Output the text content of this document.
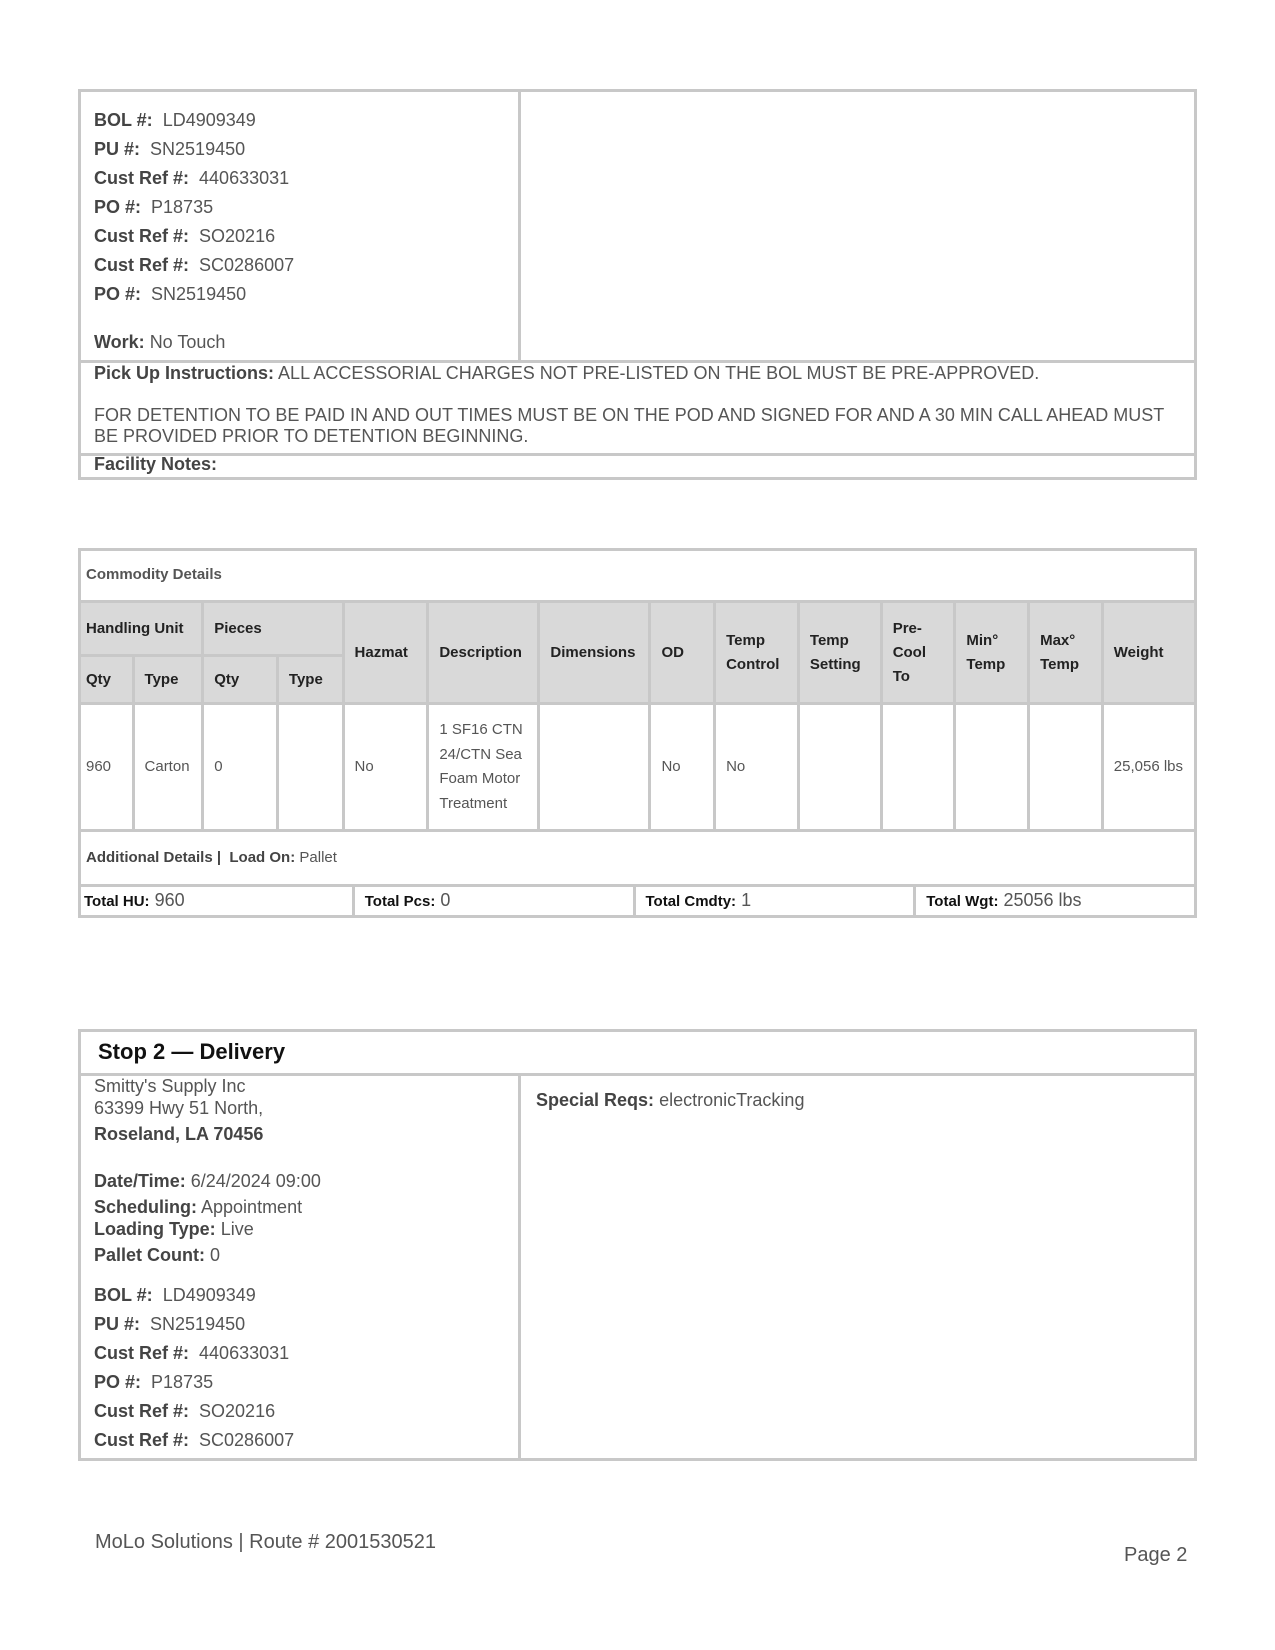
BOL #: LD4909349
PU #: SN2519450
Cust Ref #: 440633031
PO #: P18735
Cust Ref #: SO20216
Cust Ref #: SC0286007
PO #: SN2519450
Work: No Touch
Pick Up Instructions: ALL ACCESSORIAL CHARGES NOT PRE-LISTED ON THE BOL MUST BE PRE-APPROVED.
FOR DETENTION TO BE PAID IN AND OUT TIMES MUST BE ON THE POD AND SIGNED FOR AND A 30 MIN CALL AHEAD MUST BE PROVIDED PRIOR TO DETENTION BEGINNING.
Facility Notes:
Commodity Details													
Handling Unit		Pieces		Hazmat	Description	Dimensions	OD	Temp Control	Temp Setting	Pre-Cool To	Min° Temp	Max° Temp	Weight
Qty	Type	Qty	Type										
960	Carton	0		No	1 SF16 CTN 24/CTN Sea Foam Motor Treatment		No	No					25,056 lbs
Additional Details | Load On: Pallet													
Total HU: 960	Total Pcs: 0	Total Cmdty: 1	Total Wgt: 25056 lbs
Stop 2 — Delivery
Smitty's Supply Inc
63399 Hwy 51 North,
Roseland, LA 70456
Date/Time: 6/24/2024 09:00
Scheduling: Appointment
Loading Type: Live
Pallet Count: 0
BOL #: LD4909349
PU #: SN2519450
Cust Ref #: 440633031
PO #: P18735
Cust Ref #: SO20216
Cust Ref #: SC0286007
Special Reqs: electronicTracking
MoLo Solutions | Route # 2001530521
Page 2
